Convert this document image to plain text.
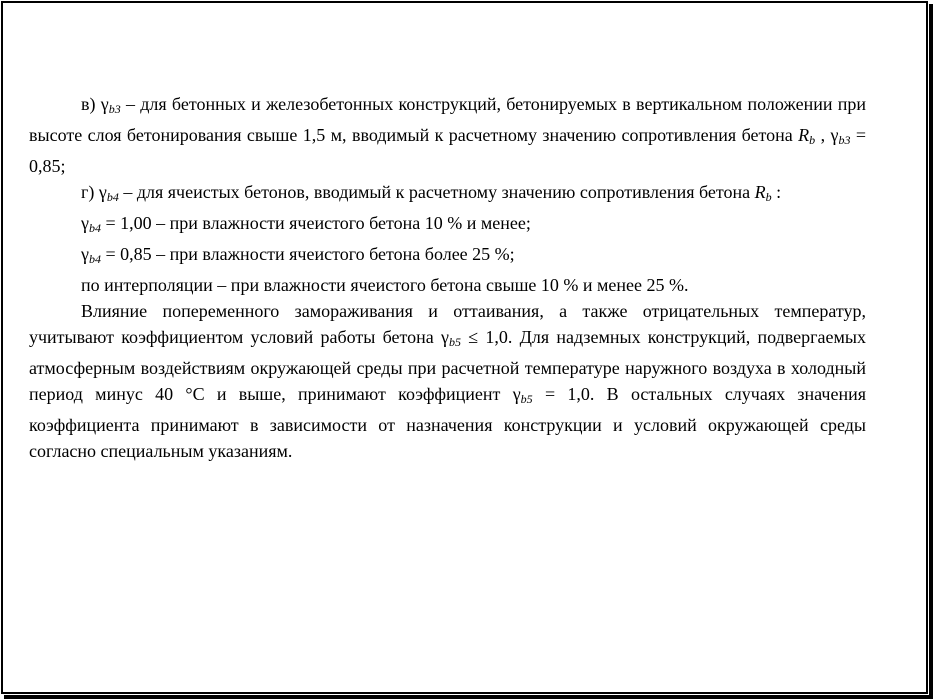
в) $\gamma_{b3}$ – для бетонных и железобетонных конструкций, бетонируемых в вертикальном положении при высоте слоя бетонирования свыше 1,5 м, вводимый к расчетному значению сопротивления бетона $R_b$ , $\gamma_{b3} = 0,85$;

г) $\gamma_{b4}$ – для ячеистых бетонов, вводимый к расчетному значению сопротивления бетона $R_b$ :

$\gamma_{b4} = 1,00$ – при влажности ячеистого бетона 10 % и менее;

$\gamma_{b4} = 0,85$ – при влажности ячеистого бетона более 25 %;

по интерполяции – при влажности ячеистого бетона свыше 10 % и менее 25 %.

Влияние попеременного замораживания и оттаивания, а также отрицательных температур, учитывают коэффициентом условий работы бетона $\gamma_{b5} \le 1,0$. Для надземных конструкций, подвергаемых атмосферным воздействиям окружающей среды при расчетной температуре наружного воздуха в холодный период минус 40 °С и выше, принимают коэффициент $\gamma_{b5} = 1,0$. В остальных случаях значения коэффициента принимают в зависимости от назначения конструкции и условий окружающей среды согласно специальным указаниям.
